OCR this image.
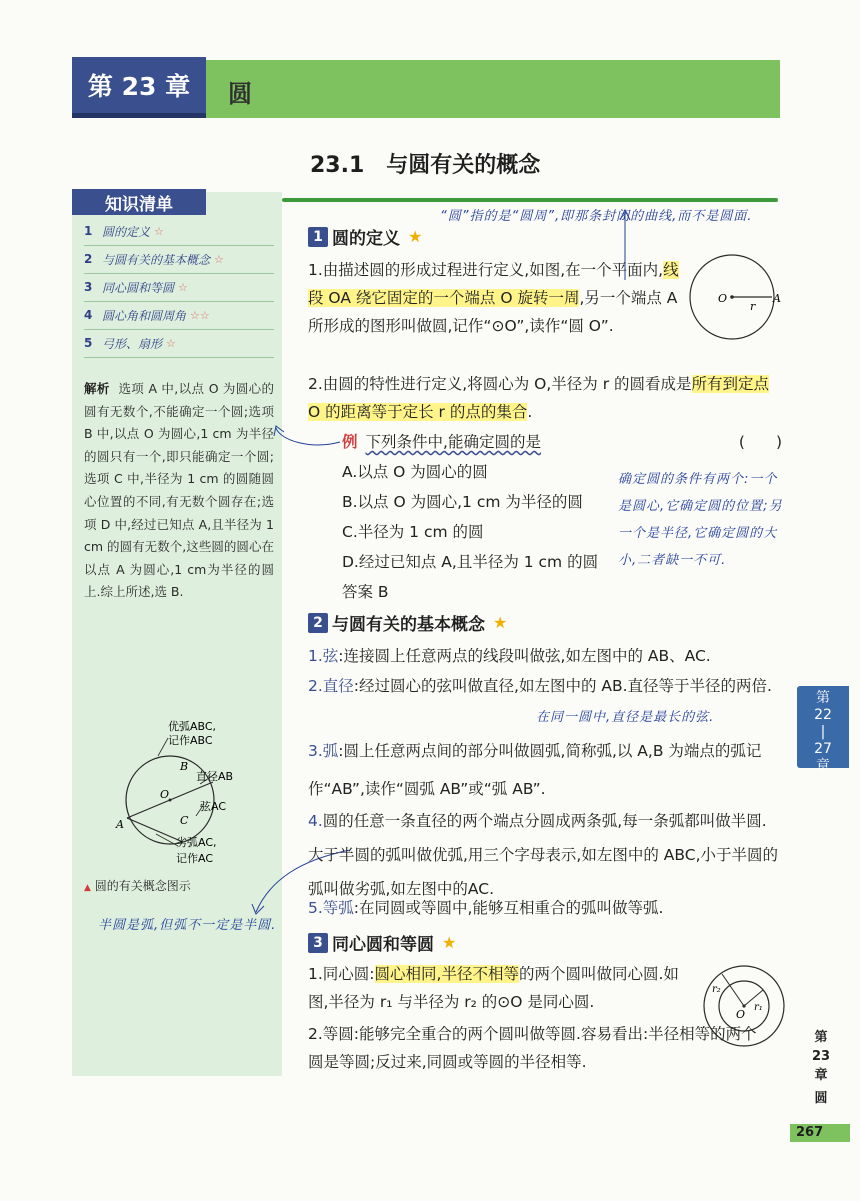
第 23 章	圆
23.1　与圆有关的概念
知识清单
1 圆的定义 ☆
2 与圆有关的基本概念 ☆
3 同心圆和等圆 ☆
4 圆心角和圆周角 ☆☆
5 弓形、扇形 ☆
解析 选项 A 中,以点 O 为圆心的圆有无数个,不能确定一个圆;选项 B 中,以点 O 为圆心,1 cm 为半径的圆只有一个,即只能确定一个圆;选项 C 中,半径为 1 cm 的圆随圆心位置的不同,有无数个圆存在;选项 D 中,经过已知点 A,且半径为 1 cm 的圆有无数个,这些圆的圆心在以点 A 为圆心,1 cm为半径的圆上.综上所述,选 B.
优弧ABC,
记作ABC
B
O
直径AB
弦AC
A	C
劣弧AC,
记作AC
▲ 圆的有关概念图示
半圆是弧,但弧不一定是半圆.
1 圆的定义 ★
“圆”指的是“圆周”,即那条封闭的曲线,而不是圆面.
1.由描述圆的形成过程进行定义,如图,在一个平面内,线段 OA 绕它固定的一个端点 O 旋转一周,另一个端点 A 所形成的图形叫做圆,记作“⊙O”,读作“圆 O”.
O
r
A
2.由圆的特性进行定义,将圆心为 O,半径为 r 的圆看成是所有到定点 O 的距离等于定长 r 的点的集合.
例 下列条件中,能确定圆的是	(　　)
A.以点 O 为圆心的圆
B.以点 O 为圆心,1 cm 为半径的圆
C.半径为 1 cm 的圆
D.经过已知点 A,且半径为 1 cm 的圆
答案 B
确定圆的条件有两个:一个是圆心,它确定圆的位置;另一个是半径,它确定圆的大小,二者缺一不可.
2 与圆有关的基本概念 ★
1.弦:连接圆上任意两点的线段叫做弦,如左图中的 AB、AC.
2.直径:经过圆心的弦叫做直径,如左图中的 AB.直径等于半径的两倍.
在同一圆中,直径是最长的弦.
3.弧:圆上任意两点间的部分叫做圆弧,简称弧,以 A,B 为端点的弧记作“AB”,读作“圆弧 AB”或“弧 AB”.
4.圆的任意一条直径的两个端点分圆成两条弧,每一条弧都叫做半圆.大于半圆的弧叫做优弧,用三个字母表示,如左图中的 ABC,小于半圆的弧叫做劣弧,如左图中的AC.
5.等弧:在同圆或等圆中,能够互相重合的弧叫做等弧.
3 同心圆和等圆 ★
1.同心圆:圆心相同,半径不相等的两个圆叫做同心圆.如图,半径为 r₁ 与半径为 r₂ 的⊙O 是同心圆.
r₂
r₁
O
2.等圆:能够完全重合的两个圆叫做等圆.容易看出:半径相等的两个圆是等圆;反过来,同圆或等圆的半径相等.
第
22
|
27
章
第
23
章
圆
267
